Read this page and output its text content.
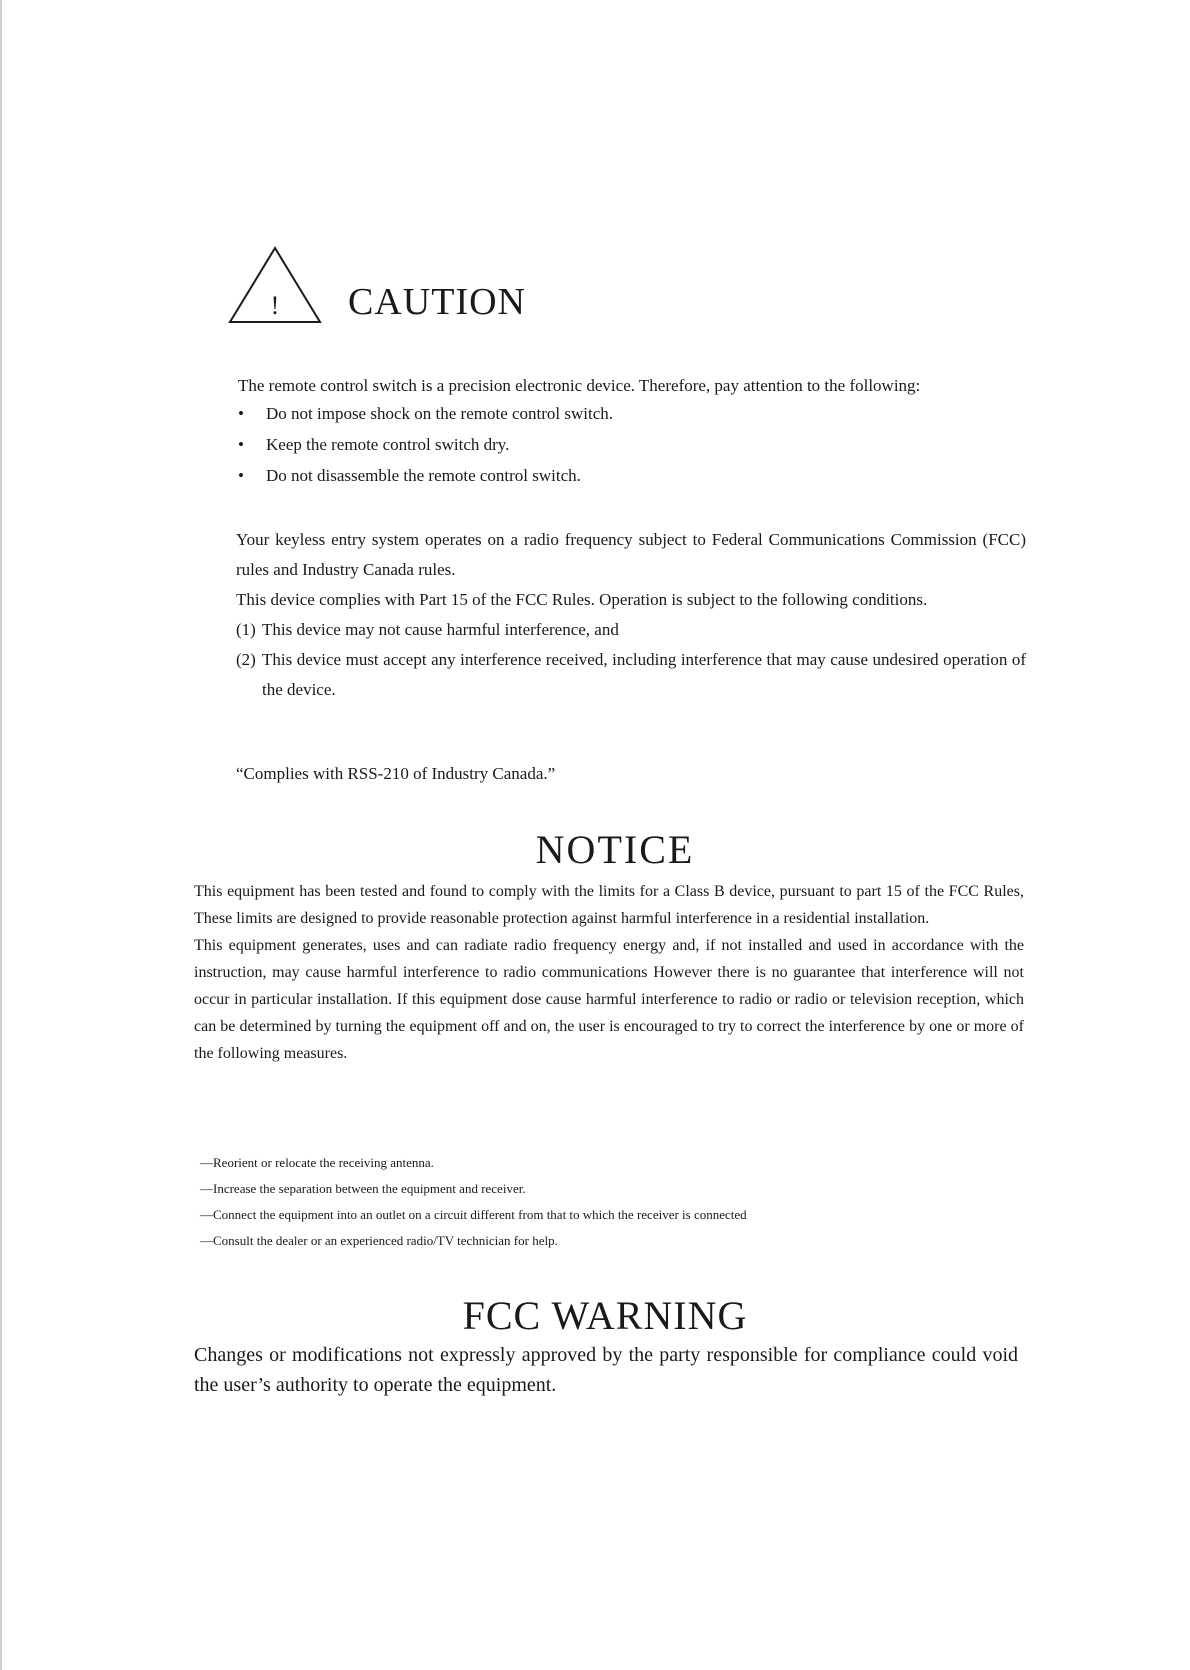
! CAUTION
The remote control switch is a precision electronic device. Therefore, pay attention to the following:
• Do not impose shock on the remote control switch.
• Keep the remote control switch dry.
• Do not disassemble the remote control switch.

Your keyless entry system operates on a radio frequency subject to Federal Communications Commission (FCC) rules and Industry Canada rules.

This device complies with Part 15 of the FCC Rules. Operation is subject to the following conditions.

(1) This device may not cause harmful interference, and

(2) This device must accept any interference received, including interference that may cause undesired operation of the device.

“Complies with RSS-210 of Industry Canada.”
NOTICE

This equipment has been tested and found to comply with the limits for a Class B device, pursuant to part 15 of the FCC Rules, These limits are designed to provide reasonable protection against harmful interference in a residential installation.

This equipment generates, uses and can radiate radio frequency energy and, if not installed and used in accordance with the instruction, may cause harmful interference to radio communications However there is no guarantee that interference will not occur in particular installation. If this equipment dose cause harmful interference to radio or radio or television reception, which can be determined by turning the equipment off and on, the user is encouraged to try to correct the interference by one or more of the following measures.

—Reorient or relocate the receiving antenna.
—Increase the separation between the equipment and receiver.
—Connect the equipment into an outlet on a circuit different from that to which the receiver is connected
—Consult the dealer or an experienced radio/TV technician for help.
FCC WARNING
Changes or modifications not expressly approved by the party responsible for compliance could void the user’s authority to operate the equipment.
